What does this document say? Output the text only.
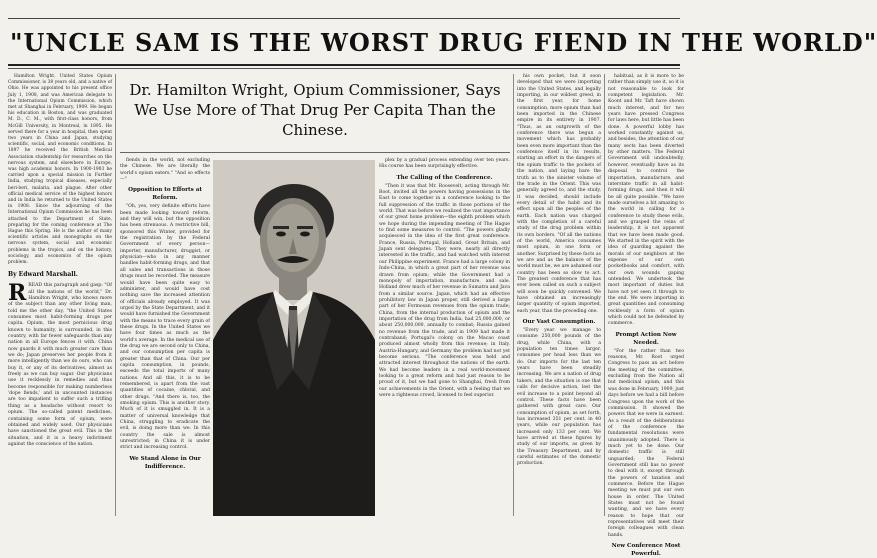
"UNCLE SAM IS THE WORST DRUG FIEND IN THE WORLD"

Hamilton Wright, United States Opium Commissioner, is 38 years old, and a native of Ohio. He was appointed to his present office July 1, 1908, and was American delegate to the International Opium Commission, which met at Shanghai in February, 1909. He began his education in Boston, and was graduated M. D., C. M., with first-class honors, from McGill University, in Montreal, in 1895. He served there for a year in hospital, then spent two years in China and Japan, studying scientific, social, and economic conditions. In 1897 he received the British Medical Association studentship for researches on the nervous system, and elsewhere in Europe, was high academic honors. In 1900-1903 he carried upon a special mission in Further India, studying tropical diseases, especially beri-beri, malaria, and plague. After other official medical service of the highest honors and in India he returned to the United States in 1908. Since the adjourning of the International Opium Commission he has been attached to the Department of State, preparing for the coming conference at The Hague this Spring. He is the author of many scientific articles and monographs on the nervous system, social and economic problems in the tropics, and on the history, sociology, and economics of the opium problem.

By Edward Marshall.
R READ this paragraph and gasp: "Of all the nations of the world," Dr. Hamilton Wright, who knows more of the subject than any other living man, told me the other day, "the United States consumes most habit-forming drugs per capita. Opium, the most pernicious drug known to humanity, is surrounded, in this country, with far fewer safeguards than any nation in all Europe fences it with. China now guards it with much greater care than we do; Japan preserves her people from it more intelligently than we do ours, who can buy it, or any of its derivatives, almost as freely as we can buy sugar. Our physicians use it recklessly in remedies and thus become responsible for making numberless 'dope fiends,' and in uncounted instances are too impatient to suffer such a trifling thing as a headache without resort to opium. The so-called patent medicines, containing some form of opium, were obtained and widely used. Our physicians have sanctioned the great evil. This is the situation, and it is a heavy indictment against the conscience of the nation.

Dr. Hamilton Wright, Opium Commissioner, Says We Use More of That Drug Per Capita Than the Chinese.

fiends in the world, not excluding the Chinese. We are literally the world's opium eaters." "And so effects—"

Opposition to Efforts at Reform.

"Oh, yes, very definite efforts have been made looking toward reform, and they will win, but the opposition has been strenuous. A restrictive bill, sponsored this Winter, provided for the registration by the Federal Government of every person—importer, manufacturer, druggist, or physician—who in any manner handles habit-forming drugs, and that all sales and transactions in those drugs must be recorded. The measure would have been quite easy to administer, and would have cost nothing save the increased attention of officials already employed. It was urged by the State Department, and it would have furnished the Government with the means to trace every grain of these drugs. In the United States we have four times as much as the world's average. In the medical use of the drug we are second only to China, and our consumption per capita is greater than that of China. Our per capita consumption, in pounds, exceeds the total imports of many nations. And all this, it is to be remembered, is apart from the vast quantities of cocaine, chloral, and other drugs. "And there is, too, the smoking opium. This is another story. Much of it is smuggled in. It is a matter of universal knowledge that China, struggling to eradicate the evil, is doing more than we. In this country the sale is almost unrestricted; in China it is under strict and increasing control.

We Stand Alone in Our Indifference.

plex by a gradual process extending over ten years. His course has been surprisingly effective.

The Calling of the Conference.

"Then it was that Mr. Roosevelt, acting through Mr. Root, invited all the powers having possessions in the East to come together in a conference looking to the full suppression of the traffic in those portions of the world. That was before we realized the vast importance of our great home problem—the eighth problem which we hope during the impending meeting of The Hague to find some measures to control. "The powers gladly acquiesced in the idea of the first great conference. France, Russia, Portugal, Holland, Great Britain, and Japan sent delegates. They were, nearly all directly interested in the traffic, and had watched with interest our Philippine experiment. France had a large colony in Indo-China, in which a great part of her revenue was drawn from opium; while the Government had a monopoly of importation, manufacture, and sale. Holland drew much of her revenue in Sumatra and Java from a similar source. Japan, which had an effective prohibitory law in Japan proper, still derived a large part of her Formosan revenues from the opium trade; China, from the internal production of opium and the importation of the drug from India, had 25,000,000, or about 250,000,000, annually to combat; Russia gained no revenue from the trade, and in 1909 had made it contraband; Portugal's colony on the Macao coast produced almost wholly from this revenue; in Italy, Austria-Hungary, and Germany the problem had not yet become serious. "The conference was held and attracted interest throughout the nations of the earth. We had become leaders in a real world-movement looking to a great reform and had just reason to be proud of it, but we had gone to Shanghai, fresh from our achievements in the Orient, with a feeling that we were a righteous crowd, licensed to feel superior.

his own pocket, but it soon developed that we were importing into the United States, and legally importing, in our wildest greed, in the first year, for home consumption, more opium than had been imported in the Chinese empire in its entirety in 1907. "Thus, as an outgrowth of the conference there was begun a movement which has probably been even more important than the conference itself in its results, starting an effort in the dangers of the opium traffic to the pockets of the nation, and laying bare the truth as to the sinister volume of the trade in the Orient. This was generally agreed to, and the study, it was decided, should include every detail of the habit and its effect upon all the peoples of the earth. Each nation was charged with the completion of a careful study of the drug problem within its own borders. "Of all the nations of the world, America consumes most opium, in one form or another. Surprised by these facts as we are and as the balance of the world must be, we are ashamed our country has been so slow to act. The greatest conference that has ever been called on such a subject will soon be quickly convened. We have obtained an increasingly larger quantity of opium imported, each year, than the preceding one.

Our Vast Consumption.

"Every year we manage to consume 250,000 pounds of the drug, while China, with a population ten times larger, consumes per head less than we do. Our imports for the last ten years have been steadily increasing. We are a nation of drug takers, and the situation is one that calls for decisive action, lest the evil increase to a point beyond all control. These facts have been gathered with great care. Our consumption of opium, as set forth, has increased 351 per cent. in 40 years, while our population has increased only 133 per cent. We have arrived at these figures by study of our imports, as given by the Treasury Department, and by careful estimates of the domestic production.

habitual, as it is more to be rather than simply use it, so it is not reasonable to look for competent legislation. Mr. Koont and Mr. Taft have shown much interest, and for two years have pressed Congress for laws here, but little has been done. A powerful lobby has worked constantly against us, and besides, the attention of our many sects has been diverted by other matters. The Federal Government will undoubtedly, however, eventually have as its disposal to control the importation, manufacture, and interstate traffic in all habit-forming drugs, and then it will be all quite possible. "We have made ourselves a bit amazing to the world in calling for a conference to study these evils, and we grasped the reins of leadership, it is not apparent that we have been made good. We started in the spirit with the idea of guarding against the morals of our neighbors at the expense of our own pocketbooks and comfort, with our own wounds gaping untended. We undertook the most important of duties but have not yet seen it through to the end. We were importing in great quantities and consuming recklessly a form of opium which could not be defended by commerce.

Prompt Action Now Needed.

"For the rather than two reasons, Mr. Root urged Congress to pass an act before the meeting of the committee, excluding from the Nation all but medicinal opium, and this was done in February, 1909, just days before we had a bill before Congress upon the work of the commission. It showed the powers that we were in earnest. As a result of the deliberations of the conference the fundamental resolutions were unanimously adopted. There is much yet to be done. Our domestic traffic is still unguarded; the Federal Government still has no power to deal with it, except through the powers of taxation and commerce. Before the Hague meeting we must put our own house in order. The United States must not be found wanting, and we have every reason to hope that our representatives will meet their foreign colleagues with clean hands.

New Conference Most Powerful.
